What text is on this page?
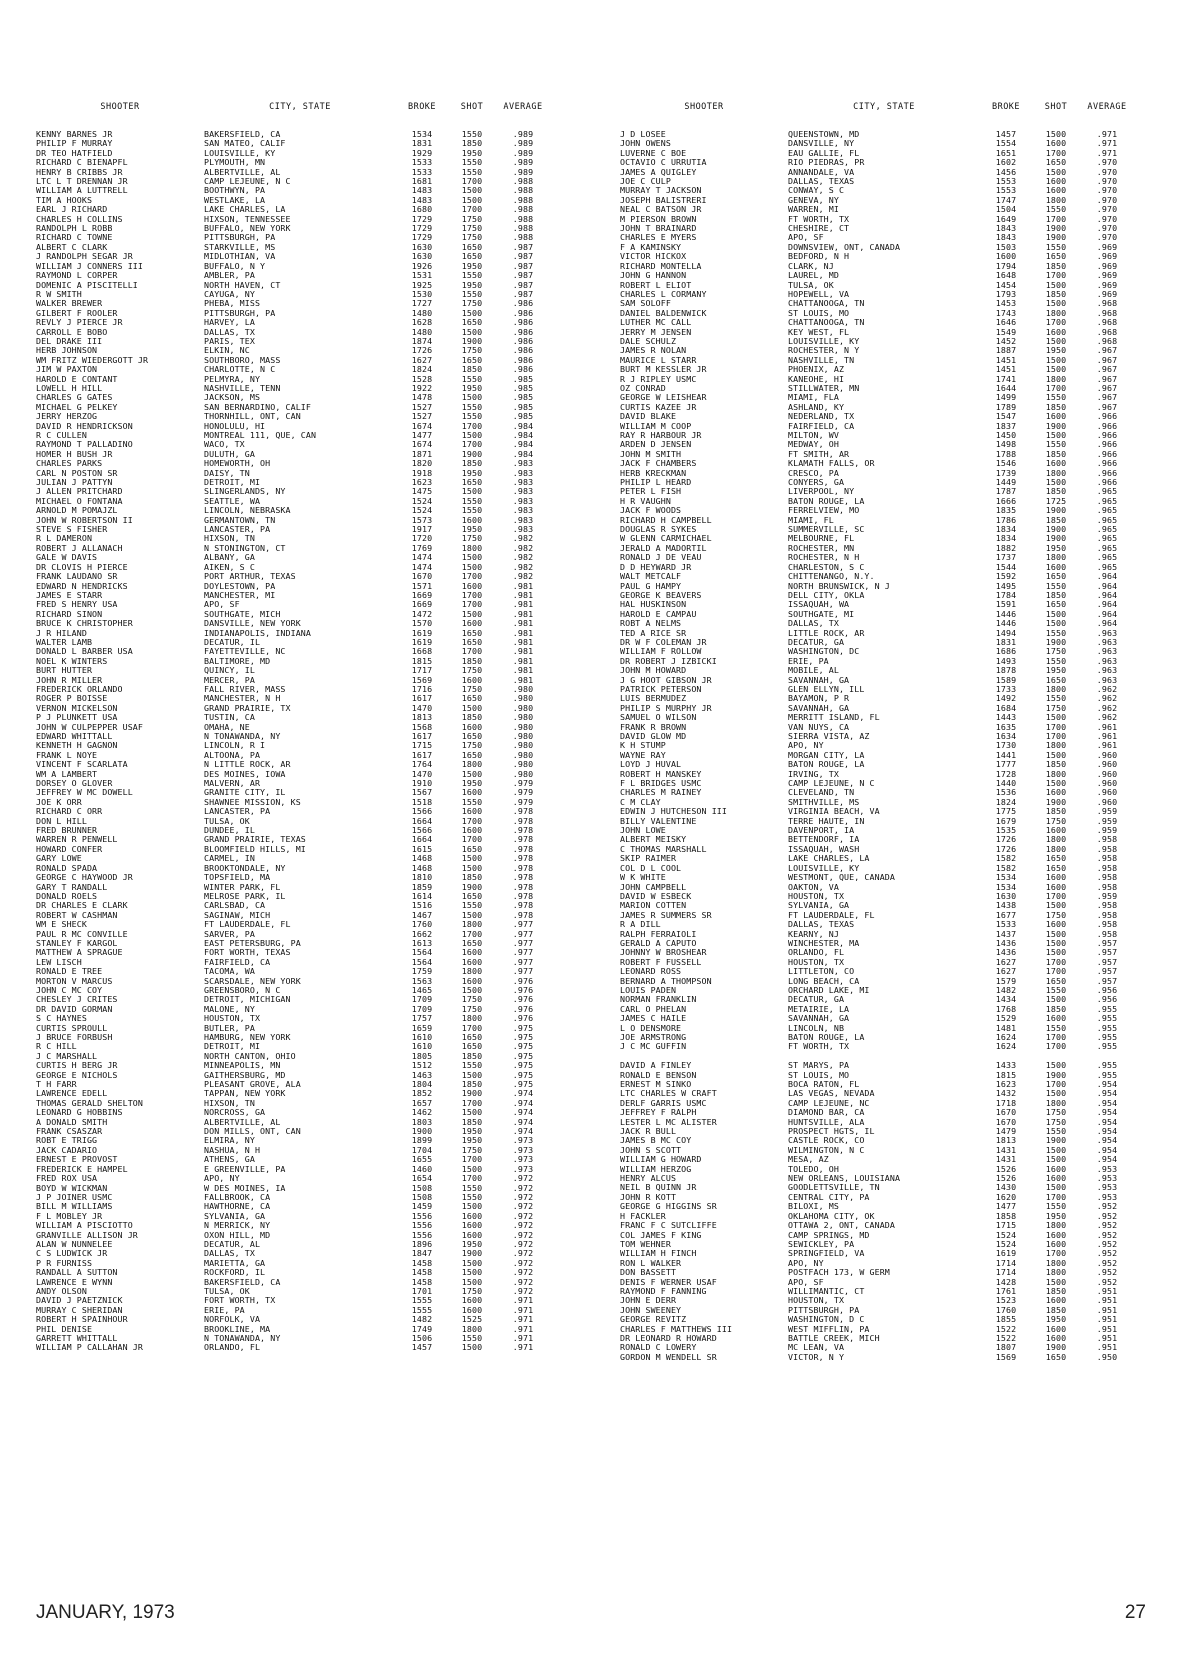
SHOOTER	CITY, STATE	BROKE	SHOT	AVERAGE
KENNY BARNES JR	BAKERSFIELD, CA	1534	1550	.989
PHILIP F MURRAY	SAN MATEO, CALIF	1831	1850	.989
DR TEO HATFIELD	LOUISVILLE, KY	1929	1950	.989
RICHARD C BIENAPFL	PLYMOUTH, MN	1533	1550	.989
HENRY B CRIBBS JR	ALBERTVILLE, AL	1533	1550	.989
LTC L T DRENNAN JR	CAMP LEJEUNE, N C	1681	1700	.988
WILLIAM A LUTTRELL	BOOTHWYN, PA	1483	1500	.988
TIM A HOOKS	WESTLAKE, LA	1483	1500	.988
EARL J RICHARD	LAKE CHARLES, LA	1680	1700	.988
CHARLES H COLLINS	HIXSON, TENNESSEE	1729	1750	.988
RANDOLPH L ROBB	BUFFALO, NEW YORK	1729	1750	.988
RICHARD C TOWNE	PITTSBURGH, PA	1729	1750	.988
ALBERT C CLARK	STARKVILLE, MS	1630	1650	.987
J RANDOLPH SEGAR JR	MIDLOTHIAN, VA	1630	1650	.987
WILLIAM J CONNERS III	BUFFALO, N Y	1926	1950	.987
RAYMOND L CORPER	AMBLER, PA	1531	1550	.987
DOMENIC A PISCITELLI	NORTH HAVEN, CT	1925	1950	.987
R W SMITH	CAYUGA, NY	1530	1550	.987
WALKER BREWER	PHEBA, MISS	1727	1750	.986
GILBERT F ROOLER	PITTSBURGH, PA	1480	1500	.986
REVLY J PIERCE JR	HARVEY, LA	1628	1650	.986
CARROLL E BOBO	DALLAS, TX	1480	1500	.986
DEL DRAKE III	PARIS, TEX	1874	1900	.986
HERB JOHNSON	ELKIN, NC	1726	1750	.986
WM FRITZ WIEDERGOTT JR	SOUTHBORO, MASS	1627	1650	.986
JIM W PAXTON	CHARLOTTE, N C	1824	1850	.986
HAROLD E CONTANT	PELMYRA, NY	1528	1550	.985
LOWELL H HILL	NASHVILLE, TENN	1922	1950	.985
CHARLES G GATES	JACKSON, MS	1478	1500	.985
MICHAEL G PELKEY	SAN BERNARDINO, CALIF	1527	1550	.985
JERRY HERZOG	THORNHILL, ONT, CAN	1527	1550	.985
DAVID R HENDRICKSON	HONOLULU, HI	1674	1700	.984
R C CULLEN	MONTREAL 111, QUE, CAN	1477	1500	.984
RAYMOND T PALLADINO	WACO, TX	1674	1700	.984
HOMER H BUSH JR	DULUTH, GA	1871	1900	.984
CHARLES PARKS	HOMEWORTH, OH	1820	1850	.983
CARL N POSTON SR	DAISY, TN	1918	1950	.983
JULIAN J PATTYN	DETROIT, MI	1623	1650	.983
J ALLEN PRITCHARD	SLINGERLANDS, NY	1475	1500	.983
MICHAEL O FONTANA	SEATTLE, WA	1524	1550	.983
ARNOLD M POMAJZL	LINCOLN, NEBRASKA	1524	1550	.983
JOHN W ROBERTSON II	GERMANTOWN, TN	1573	1600	.983
STEVE S FISHER	LANCASTER, PA	1917	1950	.983
R L DAMERON	HIXSON, TN	1720	1750	.982
ROBERT J ALLANACH	N STONINGTON, CT	1769	1800	.982
GALE W DAVIS	ALBANY, GA	1474	1500	.982
DR CLOVIS H PIERCE	AIKEN, S C	1474	1500	.982
FRANK LAUDANO SR	PORT ARTHUR, TEXAS	1670	1700	.982
EDWARD N HENDRICKS	DOYLESTOWN, PA	1571	1600	.981
JAMES E STARR	MANCHESTER, MI	1669	1700	.981
FRED S HENRY USA	APO, SF	1669	1700	.981
RICHARD SINON	SOUTHGATE, MICH	1472	1500	.981
BRUCE K CHRISTOPHER	DANSVILLE, NEW YORK	1570	1600	.981
J R HILAND	INDIANAPOLIS, INDIANA	1619	1650	.981
WALTER LAMB	DECATUR, IL	1619	1650	.981
DONALD L BARBER USA	FAYETTEVILLE, NC	1668	1700	.981
NOEL K WINTERS	BALTIMORE, MD	1815	1850	.981
BURT HUTTER	QUINCY, IL	1717	1750	.981
JOHN R MILLER	MERCER, PA	1569	1600	.981
FREDERICK ORLANDO	FALL RIVER, MASS	1716	1750	.980
ROGER P BOISSE	MANCHESTER, N H	1617	1650	.980
VERNON MICKELSON	GRAND PRAIRIE, TX	1470	1500	.980
P J PLUNKETT USA	TUSTIN, CA	1813	1850	.980
JOHN W CULPEPPER USAF	OMAHA, NE	1568	1600	.980
EDWARD WHITTALL	N TONAWANDA, NY	1617	1650	.980
KENNETH H GAGNON	LINCOLN, R I	1715	1750	.980
FRANK L NOYE	ALTOONA, PA	1617	1650	.980
VINCENT F SCARLATA	N LITTLE ROCK, AR	1764	1800	.980
WM A LAMBERT	DES MOINES, IOWA	1470	1500	.980
DORSEY O GLOVER	MALVERN, AR	1910	1950	.979
JEFFREY W MC DOWELL	GRANITE CITY, IL	1567	1600	.979
JOE K ORR	SHAWNEE MISSION, KS	1518	1550	.979
RICHARD C ORR	LANCASTER, PA	1566	1600	.978
DON L HILL	TULSA, OK	1664	1700	.978
FRED BRUNNER	DUNDEE, IL	1566	1600	.978
WARREN R PENWELL	GRAND PRAIRIE, TEXAS	1664	1700	.978
HOWARD CONFER	BLOOMFIELD HILLS, MI	1615	1650	.978
GARY LOWE	CARMEL, IN	1468	1500	.978
RONALD SPADA	BROOKTONDALE, NY	1468	1500	.978
GEORGE C HAYWOOD JR	TOPSFIELD, MA	1810	1850	.978
GARY T RANDALL	WINTER PARK, FL	1859	1900	.978
DONALD ROELS	MELROSE PARK, IL	1614	1650	.978
DR CHARLES E CLARK	CARLSBAD, CA	1516	1550	.978
ROBERT W CASHMAN	SAGINAW, MICH	1467	1500	.978
WM E SHECK	FT LAUDERDALE, FL	1760	1800	.977
PAUL R MC CONVILLE	SARVER, PA	1662	1700	.977
STANLEY F KARGOL	EAST PETERSBURG, PA	1613	1650	.977
MATTHEW A SPRAGUE	FORT WORTH, TEXAS	1564	1600	.977
LEW LISCH	FAIRFIELD, CA	1564	1600	.977
RONALD E TREE	TACOMA, WA	1759	1800	.977
MORTON V MARCUS	SCARSDALE, NEW YORK	1563	1600	.976
JOHN C MC COY	GREENSBORO, N C	1465	1500	.976
CHESLEY J CRITES	DETROIT, MICHIGAN	1709	1750	.976
DR DAVID GORMAN	MALONE, NY	1709	1750	.976
S C HAYNES	HOUSTON, TX	1757	1800	.976
CURTIS SPROULL	BUTLER, PA	1659	1700	.975
J BRUCE FORBUSH	HAMBURG, NEW YORK	1610	1650	.975
R C HILL	DETROIT, MI	1610	1650	.975
J C MARSHALL	NORTH CANTON, OHIO	1805	1850	.975
CURTIS H BERG JR	MINNEAPOLIS, MN	1512	1550	.975
GEORGE E NICHOLS	GAITHERSBURG, MD	1463	1500	.975
T H FARR	PLEASANT GROVE, ALA	1804	1850	.975
LAWRENCE EDELL	TAPPAN, NEW YORK	1852	1900	.974
THOMAS GERALD SHELTON	HIXSON, TN	1657	1700	.974
LEONARD G HOBBINS	NORCROSS, GA	1462	1500	.974
A DONALD SMITH	ALBERTVILLE, AL	1803	1850	.974
FRANK CSASZAR	DON MILLS, ONT, CAN	1900	1950	.974
ROBT E TRIGG	ELMIRA, NY	1899	1950	.973
JACK CADARIO	NASHUA, N H	1704	1750	.973
ERNEST E PROVOST	ATHENS, GA	1655	1700	.973
FREDERICK E HAMPEL	E GREENVILLE, PA	1460	1500	.973
FRED ROX USA	APO, NY	1654	1700	.972
BOYD W WICKMAN	W DES MOINES, IA	1508	1550	.972
J P JOINER USMC	FALLBROOK, CA	1508	1550	.972
BILL M WILLIAMS	HAWTHORNE, CA	1459	1500	.972
F L MOBLEY JR	SYLVANIA, GA	1556	1600	.972
WILLIAM A PISCIOTTO	N MERRICK, NY	1556	1600	.972
GRANVILLE ALLISON JR	OXON HILL, MD	1556	1600	.972
ALAN W NUNNELEE	DECATUR, AL	1896	1950	.972
C S LUDWICK JR	DALLAS, TX	1847	1900	.972
P R FURNISS	MARIETTA, GA	1458	1500	.972
RANDALL A SUTTON	ROCKFORD, IL	1458	1500	.972
LAWRENCE E WYNN	BAKERSFIELD, CA	1458	1500	.972
ANDY OLSON	TULSA, OK	1701	1750	.972
DAVID J PAETZNICK	FORT WORTH, TX	1555	1600	.971
MURRAY C SHERIDAN	ERIE, PA	1555	1600	.971
ROBERT H SPAINHOUR	NORFOLK, VA	1482	1525	.971
PHIL DENISE	BROOKLINE, MA	1749	1800	.971
GARRETT WHITTALL	N TONAWANDA, NY	1506	1550	.971
WILLIAM P CALLAHAN JR	ORLANDO, FL	1457	1500	.971
SHOOTER	CITY, STATE	BROKE	SHOT	AVERAGE
J D LOSEE	QUEENSTOWN, MD	1457	1500	.971
JOHN OWENS	DANSVILLE, NY	1554	1600	.971
LUVERNE C BOE	EAU GALLIE, FL	1651	1700	.971
OCTAVIO C URRUTIA	RIO PIEDRAS, PR	1602	1650	.970
JAMES A QUIGLEY	ANNANDALE, VA	1456	1500	.970
JOE C CULP	DALLAS, TEXAS	1553	1600	.970
MURRAY T JACKSON	CONWAY, S C	1553	1600	.970
JOSEPH BALISTRERI	GENEVA, NY	1747	1800	.970
NEAL C BATSON JR	WARREN, MI	1504	1550	.970
M PIERSON BROWN	FT WORTH, TX	1649	1700	.970
JOHN T BRAINARD	CHESHIRE, CT	1843	1900	.970
CHARLES E MYERS	APO, SF	1843	1900	.970
F A KAMINSKY	DOWNSVIEW, ONT, CANADA	1503	1550	.969
VICTOR HICKOX	BEDFORD, N H	1600	1650	.969
RICHARD MONTELLA	CLARK, NJ	1794	1850	.969
JOHN G HANNON	LAUREL, MD	1648	1700	.969
ROBERT L ELIOT	TULSA, OK	1454	1500	.969
CHARLES L CORMANY	HOPEWELL, VA	1793	1850	.969
SAM SOLOFF	CHATTANOOGA, TN	1453	1500	.968
DANIEL BALDENWICK	ST LOUIS, MO	1743	1800	.968
LUTHER MC CALL	CHATTANOOGA, TN	1646	1700	.968
JERRY M JENSEN	KEY WEST, FL	1549	1600	.968
DALE SCHULZ	LOUISVILLE, KY	1452	1500	.968
JAMES R NOLAN	ROCHESTER, N Y	1887	1950	.967
MAURICE L STARR	NASHVILLE, TN	1451	1500	.967
BURT M KESSLER JR	PHOENIX, AZ	1451	1500	.967
R J RIPLEY USMC	KANEOHE, HI	1741	1800	.967
OZ CONRAD	STILLWATER, MN	1644	1700	.967
GEORGE W LEISHEAR	MIAMI, FLA	1499	1550	.967
CURTIS KAZEE JR	ASHLAND, KY	1789	1850	.967
DAVID BLAKE	NEDERLAND, TX	1547	1600	.966
WILLIAM M COOP	FAIRFIELD, CA	1837	1900	.966
RAY R HARBOUR JR	MILTON, WV	1450	1500	.966
ARDEN D JENSEN	MEDWAY, OH	1498	1550	.966
JOHN M SMITH	FT SMITH, AR	1788	1850	.966
JACK F CHAMBERS	KLAMATH FALLS, OR	1546	1600	.966
HERB KRECKMAN	CRESCO, PA	1739	1800	.966
PHILIP L HEARD	CONYERS, GA	1449	1500	.966
PETER L FISH	LIVERPOOL, NY	1787	1850	.965
H R VAUGHN	BATON ROUGE, LA	1666	1725	.965
JACK F WOODS	FERRELVIEW, MO	1835	1900	.965
RICHARD H CAMPBELL	MIAMI, FL	1786	1850	.965
DOUGLAS R SYKES	SUMMERVILLE, SC	1834	1900	.965
W GLENN CARMICHAEL	MELBOURNE, FL	1834	1900	.965
JERALD A MADORTIL	ROCHESTER, MN	1882	1950	.965
RONALD J DE VEAU	ROCHESTER, N H	1737	1800	.965
D D HEYWARD JR	CHARLESTON, S C	1544	1600	.965
WALT METCALF	CHITTENANGO, N.Y.	1592	1650	.964
PAUL G HAMPY	NORTH BRUNSWICK, N J	1495	1550	.964
GEORGE K BEAVERS	DELL CITY, OKLA	1784	1850	.964
HAL HUSKINSON	ISSAQUAH, WA	1591	1650	.964
HAROLD E CAMPAU	SOUTHGATE, MI	1446	1500	.964
ROBT A NELMS	DALLAS, TX	1446	1500	.964
TED A RICE SR	LITTLE ROCK, AR	1494	1550	.963
DR W F COLEMAN JR	DECATUR, GA	1831	1900	.963
WILLIAM F ROLLOW	WASHINGTON, DC	1686	1750	.963
DR ROBERT J IZBICKI	ERIE, PA	1493	1550	.963
JOHN M HOWARD	MOBILE, AL	1878	1950	.963
J G HOOT GIBSON JR	SAVANNAH, GA	1589	1650	.963
PATRICK PETERSON	GLEN ELLYN, ILL	1733	1800	.962
LUIS BERMUDEZ	BAYAMON, P R	1492	1550	.962
PHILIP S MURPHY JR	SAVANNAH, GA	1684	1750	.962
SAMUEL O WILSON	MERRITT ISLAND, FL	1443	1500	.962
FRANK R BROWN	VAN NUYS, CA	1635	1700	.961
DAVID GLOW MD	SIERRA VISTA, AZ	1634	1700	.961
K H STUMP	APO, NY	1730	1800	.961
WAYNE RAY	MORGAN CITY, LA	1441	1500	.960
LOYD J HUVAL	BATON ROUGE, LA	1777	1850	.960
ROBERT H MANSKEY	IRVING, TX	1728	1800	.960
F L BRIDGES USMC	CAMP LEJEUNE, N C	1440	1500	.960
CHARLES M RAINEY	CLEVELAND, TN	1536	1600	.960
C M CLAY	SMITHVILLE, MS	1824	1900	.960
EDWIN J HUTCHESON III	VIRGINIA BEACH, VA	1775	1850	.959
BILLY VALENTINE	TERRE HAUTE, IN	1679	1750	.959
JOHN LOWE	DAVENPORT, IA	1535	1600	.959
ALBERT MEISKY	BETTENDORF, IA	1726	1800	.958
C THOMAS MARSHALL	ISSAQUAH, WASH	1726	1800	.958
SKIP RAIMER	LAKE CHARLES, LA	1582	1650	.958
COL D L COOL	LOUISVILLE, KY	1582	1650	.958
W K WHITE	WESTMONT, QUE, CANADA	1534	1600	.958
JOHN CAMPBELL	OAKTON, VA	1534	1600	.958
DAVID W ESBECK	HOUSTON, TX	1630	1700	.959
MARION COTTEN	SYLVANIA, GA	1438	1500	.958
JAMES R SUMMERS SR	FT LAUDERDALE, FL	1677	1750	.958
R A DILL	DALLAS, TEXAS	1533	1600	.958
RALPH FERRAIOLI	KEARNY, NJ	1437	1500	.958
GERALD A CAPUTO	WINCHESTER, MA	1436	1500	.957
JOHNNY W BROSHEAR	ORLANDO, FL	1436	1500	.957
ROBERT F FUSSELL	HOUSTON, TX	1627	1700	.957
LEONARD ROSS	LITTLETON, CO	1627	1700	.957
BERNARD A THOMPSON	LONG BEACH, CA	1579	1650	.957
LOUIS PADEN	ORCHARD LAKE, MI	1482	1550	.956
NORMAN FRANKLIN	DECATUR, GA	1434	1500	.956
CARL O PHELAN	METAIRIE, LA	1768	1850	.955
JAMES C HAILE	SAVANNAH, GA	1529	1600	.955
L O DENSMORE	LINCOLN, NB	1481	1550	.955
JOE ARMSTRONG	BATON ROUGE, LA	1624	1700	.955
J C MC GUFFIN	FT WORTH, TX	1624	1700	.955
DAVID A FINLEY	ST MARYS, PA	1433	1500	.955
RONALD E BENSON	ST LOUIS, MO	1815	1900	.955
ERNEST M SINKO	BOCA RATON, FL	1623	1700	.954
LTC CHARLES W CRAFT	LAS VEGAS, NEVADA	1432	1500	.954
DERLF GARRIS USMC	CAMP LEJEUNE, NC	1718	1800	.954
JEFFREY F RALPH	DIAMOND BAR, CA	1670	1750	.954
LESTER L MC ALISTER	HUNTSVILLE, ALA	1670	1750	.954
JACK R BULL	PROSPECT HGTS, IL	1479	1550	.954
JAMES B MC COY	CASTLE ROCK, CO	1813	1900	.954
JOHN S SCOTT	WILMINGTON, N C	1431	1500	.954
WILLIAM G HOWARD	MESA, AZ	1431	1500	.954
WILLIAM HERZOG	TOLEDO, OH	1526	1600	.953
HENRY ALCUS	NEW ORLEANS, LOUISIANA	1526	1600	.953
NEIL B QUINN JR	GOODLETTSVILLE, TN	1430	1500	.953
JOHN R KOTT	CENTRAL CITY, PA	1620	1700	.953
GEORGE G HIGGINS SR	BILOXI, MS	1477	1550	.952
H FACKLER	OKLAHOMA CITY, OK	1858	1950	.952
FRANC F C SUTCLIFFE	OTTAWA 2, ONT, CANADA	1715	1800	.952
COL JAMES F KING	CAMP SPRINGS, MD	1524	1600	.952
TOM WEHNER	SEWICKLEY, PA	1524	1600	.952
WILLIAM H FINCH	SPRINGFIELD, VA	1619	1700	.952
RON L WALKER	APO, NY	1714	1800	.952
DON BASSETT	POSTFACH 173, W GERM	1714	1800	.952
DENIS F WERNER USAF	APO, SF	1428	1500	.952
RAYMOND F FANNING	WILLIMANTIC, CT	1761	1850	.951
JOHN E DERR	HOUSTON, TX	1523	1600	.951
JOHN SWEENEY	PITTSBURGH, PA	1760	1850	.951
GEORGE REVITZ	WASHINGTON, D C	1855	1950	.951
CHARLES F MATTHEWS III	WEST MIFFLIN, PA	1522	1600	.951
DR LEONARD R HOWARD	BATTLE CREEK, MICH	1522	1600	.951
RONALD C LOWERY	MC LEAN, VA	1807	1900	.951
GORDON M WENDELL SR	VICTOR, N Y	1569	1650	.950
JANUARY, 1973	27
